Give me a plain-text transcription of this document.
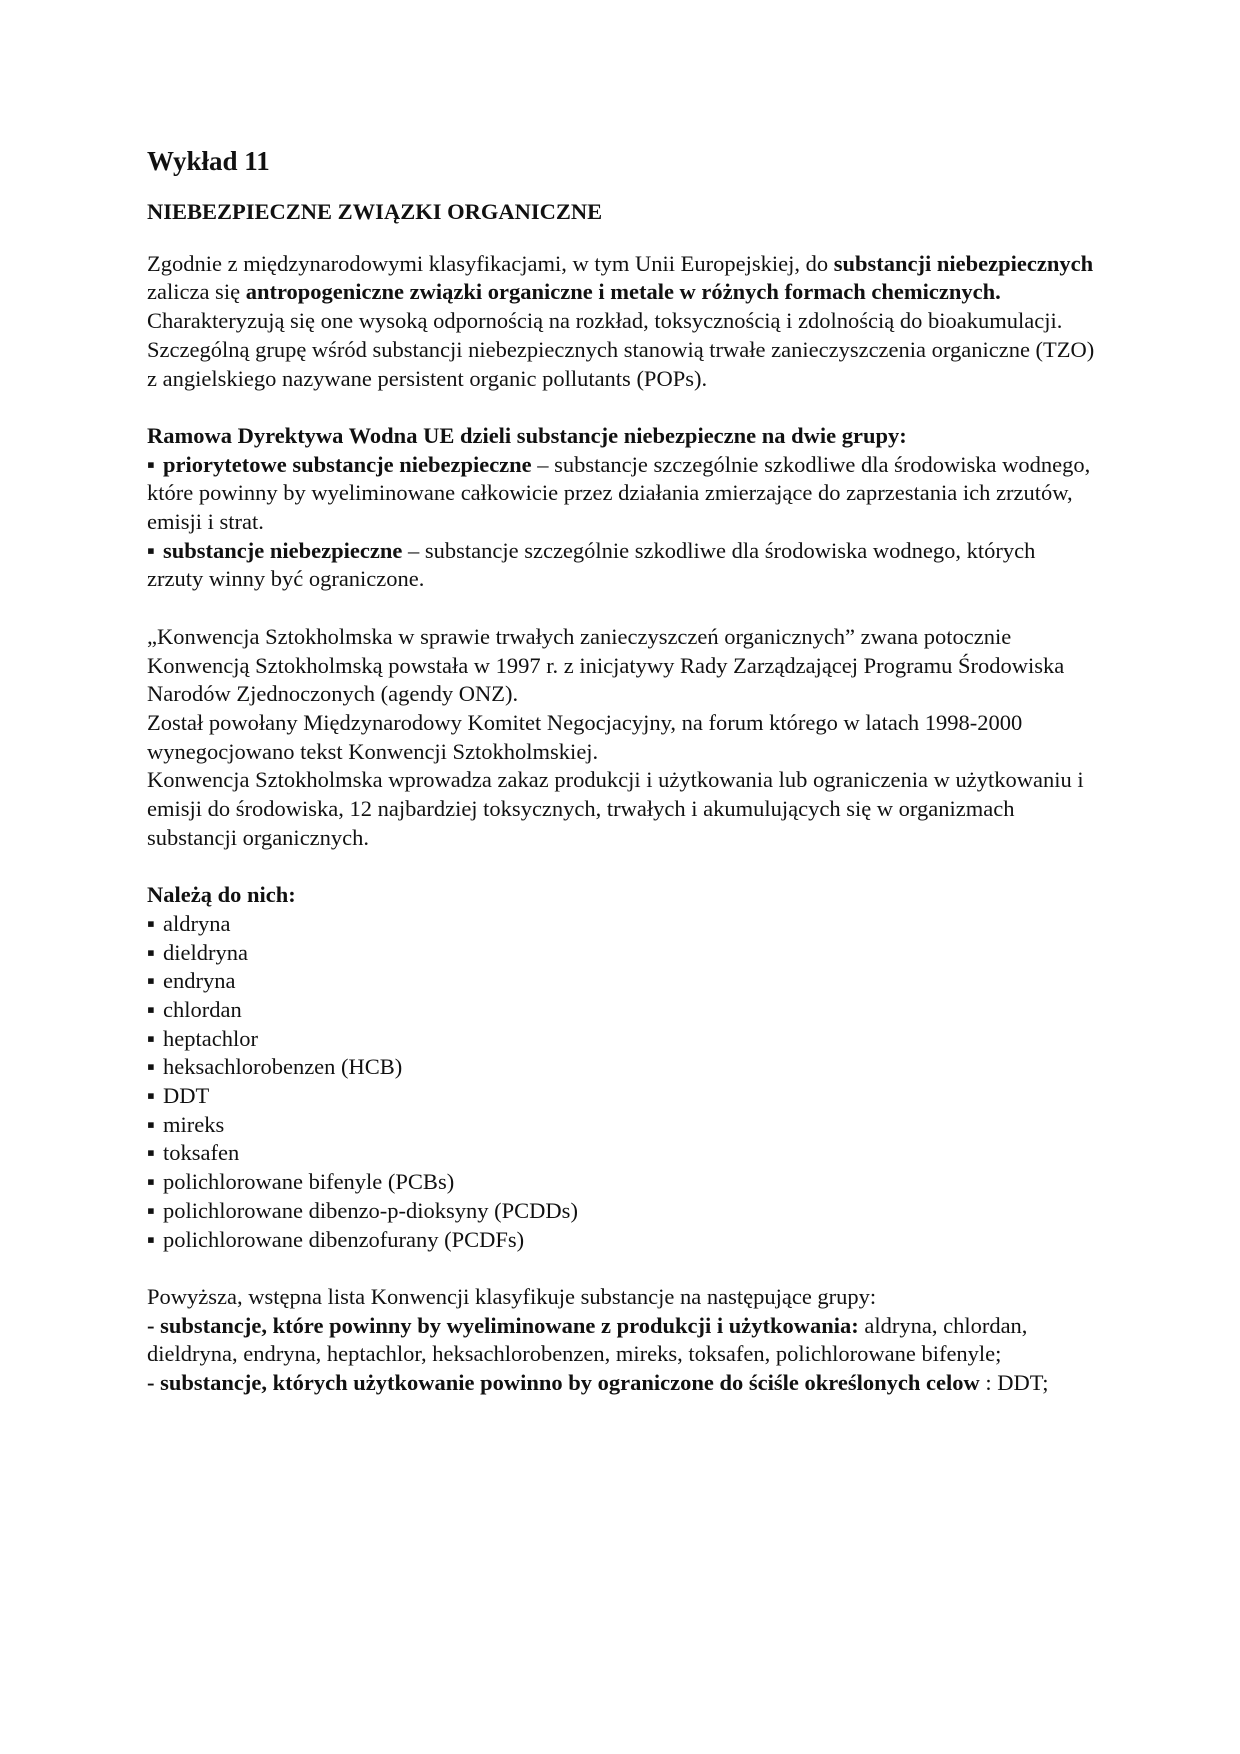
Wykład 11
NIEBEZPIECZNE ZWIĄZKI ORGANICZNE

Zgodnie z międzynarodowymi klasyfikacjami, w tym Unii Europejskiej, do substancji niebezpiecznych zalicza się antropogeniczne związki organiczne i metale w różnych formach chemicznych.

Charakteryzują się one wysoką odpornością na rozkład, toksycznością i zdolnością do bioakumulacji.

Szczególną grupę wśród substancji niebezpiecznych stanowią trwałe zanieczyszczenia organiczne (TZO) z angielskiego nazywane persistent organic pollutants (POPs).

Ramowa Dyrektywa Wodna UE dzieli substancje niebezpieczne na dwie grupy:

▪ priorytetowe substancje niebezpieczne – substancje szczególnie szkodliwe dla środowiska wodnego, które powinny by wyeliminowane całkowicie przez działania zmierzające do zaprzestania ich zrzutów, emisji i strat.

▪ substancje niebezpieczne – substancje szczególnie szkodliwe dla środowiska wodnego, których zrzuty winny być ograniczone.

„Konwencja Sztokholmska w sprawie trwałych zanieczyszczeń organicznych” zwana potocznie Konwencją Sztokholmską powstała w 1997 r. z inicjatywy Rady Zarządzającej Programu Środowiska Narodów Zjednoczonych (agendy ONZ).

Został powołany Międzynarodowy Komitet Negocjacyjny, na forum którego w latach 1998-2000 wynegocjowano tekst Konwencji Sztokholmskiej.

Konwencja Sztokholmska wprowadza zakaz produkcji i użytkowania lub ograniczenia w użytkowaniu i emisji do środowiska, 12 najbardziej toksycznych, trwałych i akumulujących się w organizmach substancji organicznych.

Należą do nich:

▪ aldryna
▪ dieldryna
▪ endryna
▪ chlordan
▪ heptachlor
▪ heksachlorobenzen (HCB)
▪ DDT
▪ mireks
▪ toksafen
▪ polichlorowane bifenyle (PCBs)
▪ polichlorowane dibenzo-p-dioksyny (PCDDs)
▪ polichlorowane dibenzofurany (PCDFs)

Powyższa, wstępna lista Konwencji klasyfikuje substancje na następujące grupy:

- substancje, które powinny by wyeliminowane z produkcji i użytkowania: aldryna, chlordan, dieldryna, endryna, heptachlor, heksachlorobenzen, mireks, toksafen, polichlorowane bifenyle;

- substancje, których użytkowanie powinno by ograniczone do ściśle określonych celow : DDT;
